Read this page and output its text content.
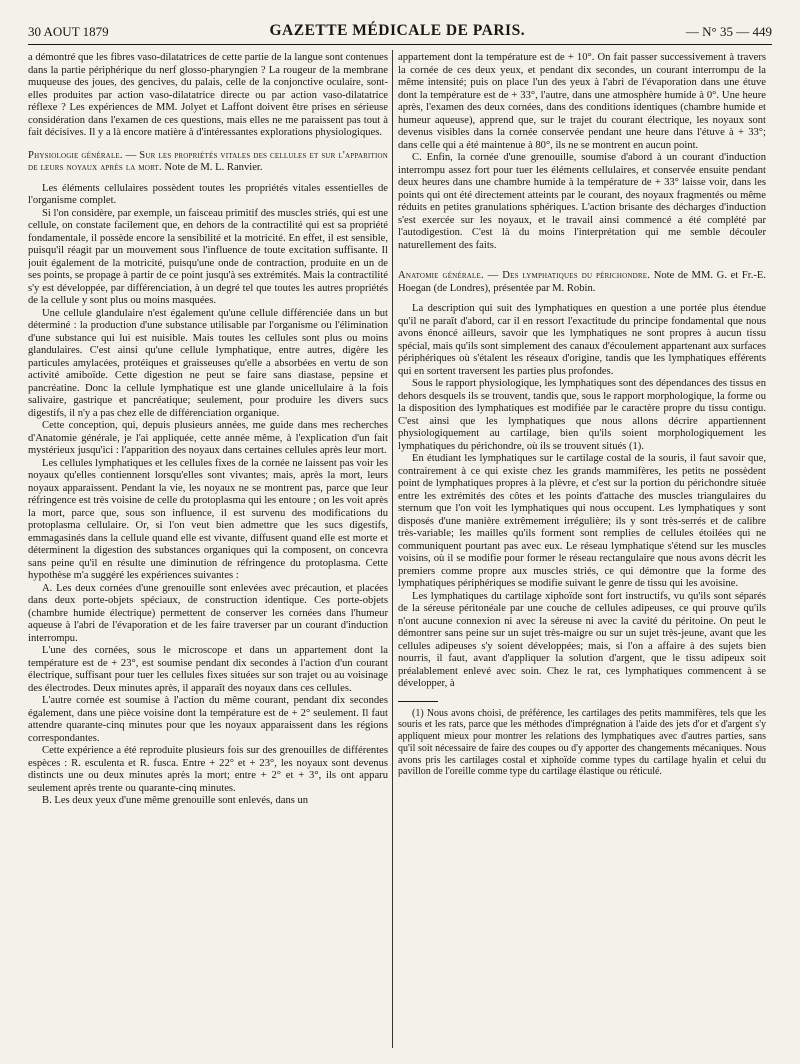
30 AOUT 1879	GAZETTE MÉDICALE DE PARIS.	— N° 35 — 449

a démontré que les fibres vaso-dilatatrices de cette partie de la langue sont contenues dans la partie périphérique du nerf glosso-pharyngien ? La rougeur de la membrane muqueuse des joues, des gencives, du palais, celle de la conjonctive oculaire, sont-elles produites par action vaso-dilatatrice directe ou par action vaso-dilatatrice réflexe ? Les expériences de MM. Jolyet et Laffont doivent être prises en sérieuse considération dans l'examen de ces questions, mais elles ne me paraissent pas tout à fait décisives. Il y a là encore matière à d'intéressantes explorations physiologiques.

Physiologie générale. — Sur les propriétés vitales des cellules et sur l'apparition de leurs noyaux après la mort. Note de M. L. Ranvier.

Les éléments cellulaires possèdent toutes les propriétés vitales essentielles de l'organisme complet.

Si l'on considère, par exemple, un faisceau primitif des muscles striés, qui est une cellule, on constate facilement que, en dehors de la contractilité qui est sa propriété fondamentale, il possède encore la sensibilité et la motricité. En effet, il est sensible, puisqu'il réagit par un mouvement sous l'influence de toute excitation suffisante. Il jouit également de la motricité, puisqu'une onde de contraction, produite en un de ses points, se propage à partir de ce point jusqu'à ses extrémités. Mais la contractilité s'y est développée, par différenciation, à un degré tel que toutes les autres propriétés de la cellule y sont plus ou moins masquées.

Une cellule glandulaire n'est également qu'une cellule différenciée dans un but déterminé : la production d'une substance utilisable par l'organisme ou l'élimination d'une substance qui lui est nuisible. Mais toutes les cellules sont plus ou moins glandulaires. C'est ainsi qu'une cellule lymphatique, entre autres, digère les particules amylacées, protéiques et graisseuses qu'elle a absorbées en vertu de son activité amiboïde. Cette digestion ne peut se faire sans diastase, pepsine et pancréatine. Donc la cellule lymphatique est une glande unicellulaire à la fois salivaire, gastrique et pancréatique; seulement, pour produire les divers sucs digestifs, il n'y a pas chez elle de différenciation organique.

Cette conception, qui, depuis plusieurs années, me guide dans mes recherches d'Anatomie générale, je l'ai appliquée, cette année même, à l'explication d'un fait mystérieux jusqu'ici : l'apparition des noyaux dans certaines cellules après leur mort.

Les cellules lymphatiques et les cellules fixes de la cornée ne laissent pas voir les noyaux qu'elles contiennent lorsqu'elles sont vivantes; mais, après la mort, leurs noyaux apparaissent. Pendant la vie, les noyaux ne se montrent pas, parce que leur réfringence est très voisine de celle du protoplasma qui les entoure ; on les voit après la mort, parce que, sous son influence, il est survenu des modifications du protoplasma cellulaire. Or, si l'on veut bien admettre que les sucs digestifs, emmagasinés dans la cellule quand elle est vivante, diffusent quand elle est morte et déterminent la digestion des substances organiques qui la composent, on concevra sans peine qu'il en résulte une diminution de réfringence du protoplasma. Cette hypothèse m'a suggéré les expériences suivantes :

A. Les deux cornées d'une grenouille sont enlevées avec précaution, et placées dans deux porte-objets spéciaux, de construction identique. Ces porte-objets (chambre humide électrique) permettent de conserver les cornées dans l'humeur aqueuse à l'abri de l'évaporation et de les faire traverser par un courant d'induction interrompu.

L'une des cornées, sous le microscope et dans un appartement dont la température est de + 23°, est soumise pendant dix secondes à l'action d'un courant électrique, suffisant pour tuer les cellules fixes situées sur son trajet ou au voisinage des électrodes. Deux minutes après, il apparaît des noyaux dans ces cellules.

L'autre cornée est soumise à l'action du même courant, pendant dix secondes également, dans une pièce voisine dont la température est de + 2° seulement. Il faut attendre quarante-cinq minutes pour que les noyaux apparaissent dans les régions correspondantes.

Cette expérience a été reproduite plusieurs fois sur des grenouilles de différentes espèces : R. esculenta et R. fusca. Entre + 22° et + 23°, les noyaux sont devenus distincts une ou deux minutes après la mort; entre + 2° et + 3°, ils ont apparu seulement après trente ou quarante-cinq minutes.

B. Les deux yeux d'une même grenouille sont enlevés, dans un

appartement dont la température est de + 10°. On fait passer successivement à travers la cornée de ces deux yeux, et pendant dix secondes, un courant interrompu de la même intensité; puis on place l'un des yeux à l'abri de l'évaporation dans une étuve dont la température est de + 33°, l'autre, dans une atmosphère humide à 0°. Une heure après, l'examen des deux cornées, dans des conditions identiques (chambre humide et humeur aqueuse), apprend que, sur le trajet du courant électrique, les noyaux sont devenus visibles dans la cornée conservée pendant une heure dans l'étuve à + 33°; dans celle qui a été maintenue à 80°, ils ne se montrent en aucun point.

C. Enfin, la cornée d'une grenouille, soumise d'abord à un courant d'induction interrompu assez fort pour tuer les éléments cellulaires, et conservée ensuite pendant deux heures dans une chambre humide à la température de + 33° laisse voir, dans les points qui ont été directement atteints par le courant, des noyaux fragmentés ou même réduits en petites granulations sphériques. L'action brisante des décharges d'induction s'est exercée sur les noyaux, et le travail ainsi commencé a été complété par l'autodigestion. C'est là du moins l'interprétation qui me semble découler naturellement des faits.

Anatomie générale. — Des lymphatiques du périchondre. Note de MM. G. et Fr.-E. Hoegan (de Londres), présentée par M. Robin.

La description qui suit des lymphatiques en question a une portée plus étendue qu'il ne paraît d'abord, car il en ressort l'exactitude du principe fondamental que nous avons énoncé ailleurs, savoir que les lymphatiques ne sont propres à aucun tissu spécial, mais qu'ils sont simplement des canaux d'écoulement appartenant aux surfaces périphériques où s'étalent les réseaux d'origine, tandis que les lymphatiques efférents qui en sortent traversent les parties plus profondes.

Sous le rapport physiologique, les lymphatiques sont des dépendances des tissus en dehors desquels ils se trouvent, tandis que, sous le rapport morphologique, la forme ou la disposition des lymphatiques est modifiée par le caractère propre du tissu contigu. C'est ainsi que les lymphatiques que nous allons décrire appartiennent physiologiquement au cartilage, bien qu'ils soient morphologiquement les lymphatiques du périchondre, où ils se trouvent situés (1).

En étudiant les lymphatiques sur le cartilage costal de la souris, il faut savoir que, contrairement à ce qui existe chez les grands mammifères, les petits ne possèdent point de lymphatiques propres à la plèvre, et c'est sur la portion du périchondre située entre les extrémités des côtes et les points d'attache des muscles triangulaires du sternum que l'on voit les lymphatiques qui nous occupent. Les lymphatiques y sont disposés d'une manière extrêmement irrégulière; ils y sont très-serrés et de calibre très-variable; les mailles qu'ils forment sont remplies de cellules étoilées qui ne communiquent pourtant pas avec eux. Le réseau lymphatique s'étend sur les muscles voisins, où il se modifie pour former le réseau rectangulaire que nous avons décrit les premiers comme propre aux muscles striés, ce qui démontre que la forme des lymphatiques périphériques se modifie suivant le genre de tissu qui les avoisine.

Les lymphatiques du cartilage xiphoïde sont fort instructifs, vu qu'ils sont séparés de la séreuse péritonéale par une couche de cellules adipeuses, ce qui prouve qu'ils n'ont aucune connexion ni avec la séreuse ni avec la cavité du péritoine. On peut le démontrer sans peine sur un sujet très-maigre ou sur un sujet très-jeune, avant que les cellules adipeuses s'y soient développées; mais, si l'on a affaire à des sujets bien nourris, il faut, avant d'appliquer la solution d'argent, que le tissu adipeux soit préalablement enlevé avec soin. Chez le rat, ces lymphatiques commencent à se développer, à

(1) Nous avons choisi, de préférence, les cartilages des petits mammifères, tels que les souris et les rats, parce que les méthodes d'imprégnation à l'aide des jets d'or et d'argent s'y appliquent mieux pour montrer les relations des lymphatiques avec d'autres parties, sans qu'il soit nécessaire de faire des coupes ou d'y apporter des changements mécaniques. Nous avons pris les cartilages costal et xiphoïde comme types du cartilage hyalin et celui du pavillon de l'oreille comme type du cartilage élastique ou réticulé.
